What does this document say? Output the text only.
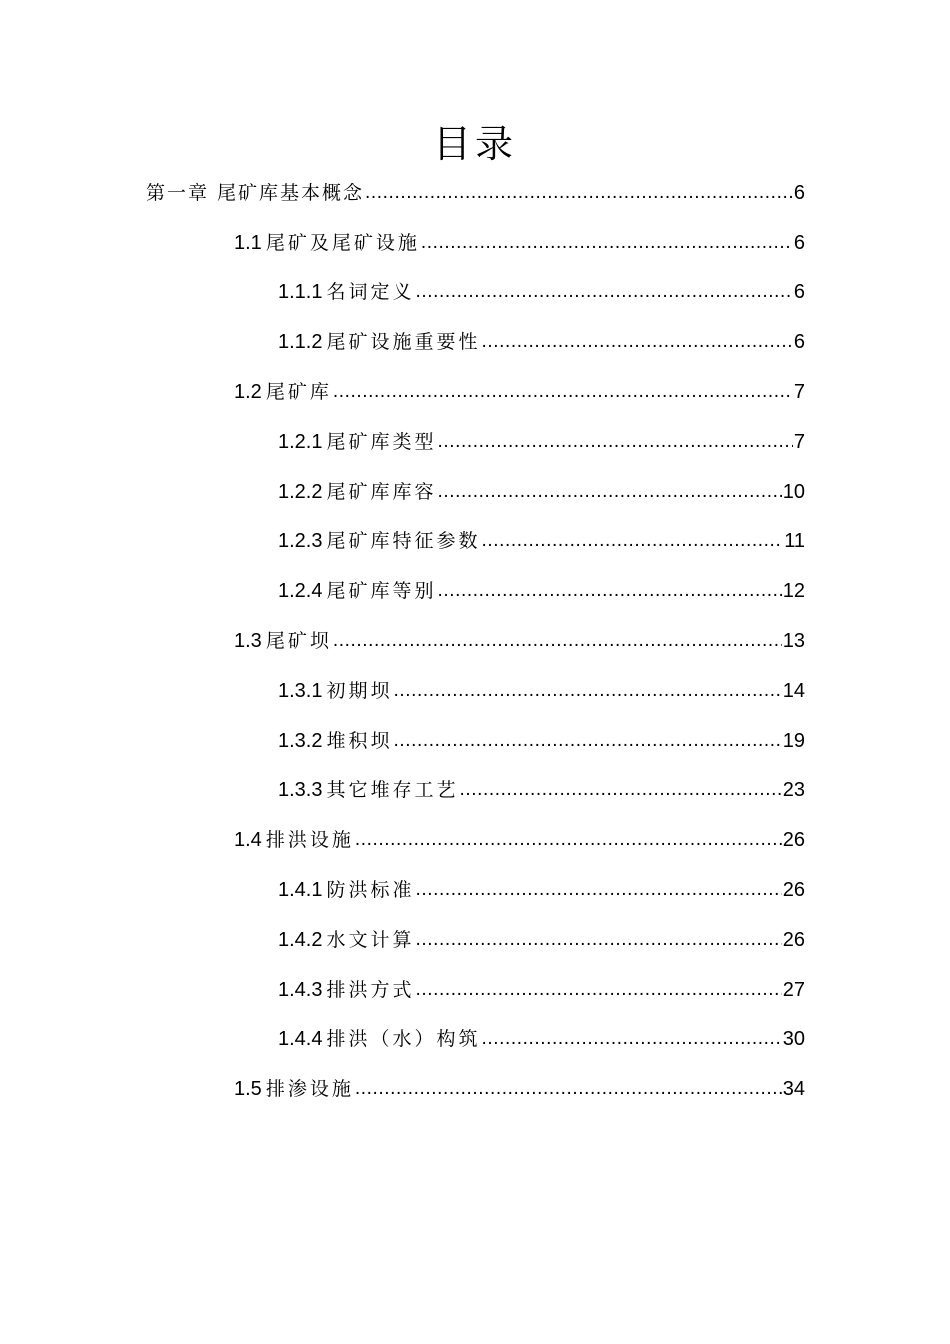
目录
第一章 尾矿库基本概念 .....	6
1.1 尾矿及尾矿设施 .....	6
1.1.1 名词定义 .....	6
1.1.2 尾矿设施重要性 .....	6
1.2 尾矿库 .....	7
1.2.1 尾矿库类型 .....	7
1.2.2 尾矿库库容 .....	10
1.2.3 尾矿库特征参数 .....	11
1.2.4 尾矿库等别 .....	12
1.3 尾矿坝 .....	13
1.3.1 初期坝 .....	14
1.3.2 堆积坝 .....	19
1.3.3 其它堆存工艺 .....	23
1.4 排洪设施 .....	26
1.4.1 防洪标准 .....	26
1.4.2 水文计算 .....	26
1.4.3 排洪方式 .....	27
1.4.4 排洪（水）构筑 .....	30
1.5 排渗设施 .....	34
